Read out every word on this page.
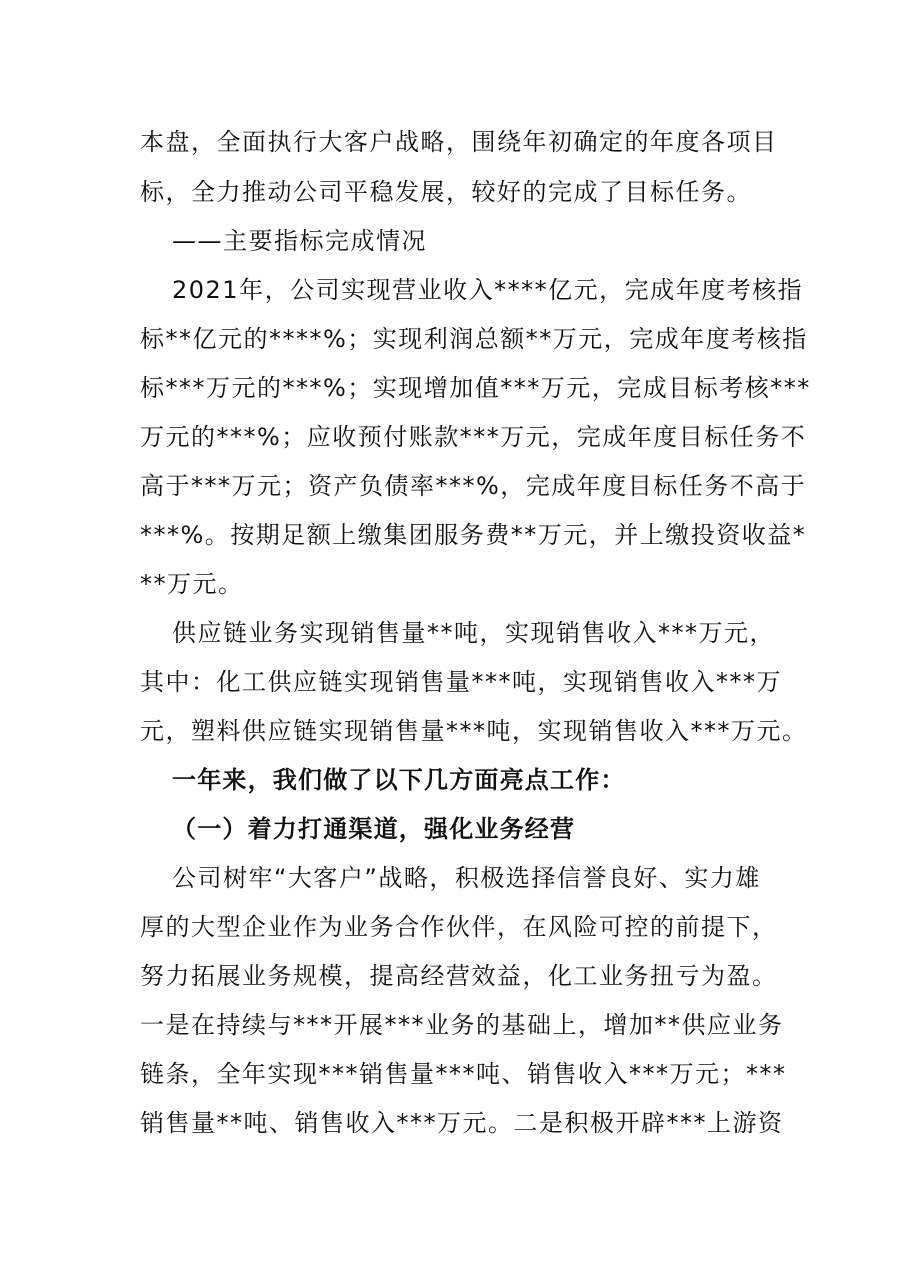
本盘，全面执行大客户战略，围绕年初确定的年度各项目
标，全力推动公司平稳发展，较好的完成了目标任务。
——主要指标完成情况
2021年，公司实现营业收入****亿元，完成年度考核指
标**亿元的****%；实现利润总额**万元，完成年度考核指
标***万元的***%；实现增加值***万元，完成目标考核***
万元的***%；应收预付账款***万元，完成年度目标任务不
高于***万元；资产负债率***%，完成年度目标任务不高于
***%。按期足额上缴集团服务费**万元，并上缴投资收益*
**万元。
供应链业务实现销售量**吨，实现销售收入***万元，
其中：化工供应链实现销售量***吨，实现销售收入***万
元，塑料供应链实现销售量***吨，实现销售收入***万元。
一年来，我们做了以下几方面亮点工作：
（一）着力打通渠道，强化业务经营
公司树牢“大客户”战略，积极选择信誉良好、实力雄
厚的大型企业作为业务合作伙伴，在风险可控的前提下，
努力拓展业务规模，提高经营效益，化工业务扭亏为盈。
一是在持续与***开展***业务的基础上，增加**供应业务
链条，全年实现***销售量***吨、销售收入***万元；***
销售量**吨、销售收入***万元。二是积极开辟***上游资
